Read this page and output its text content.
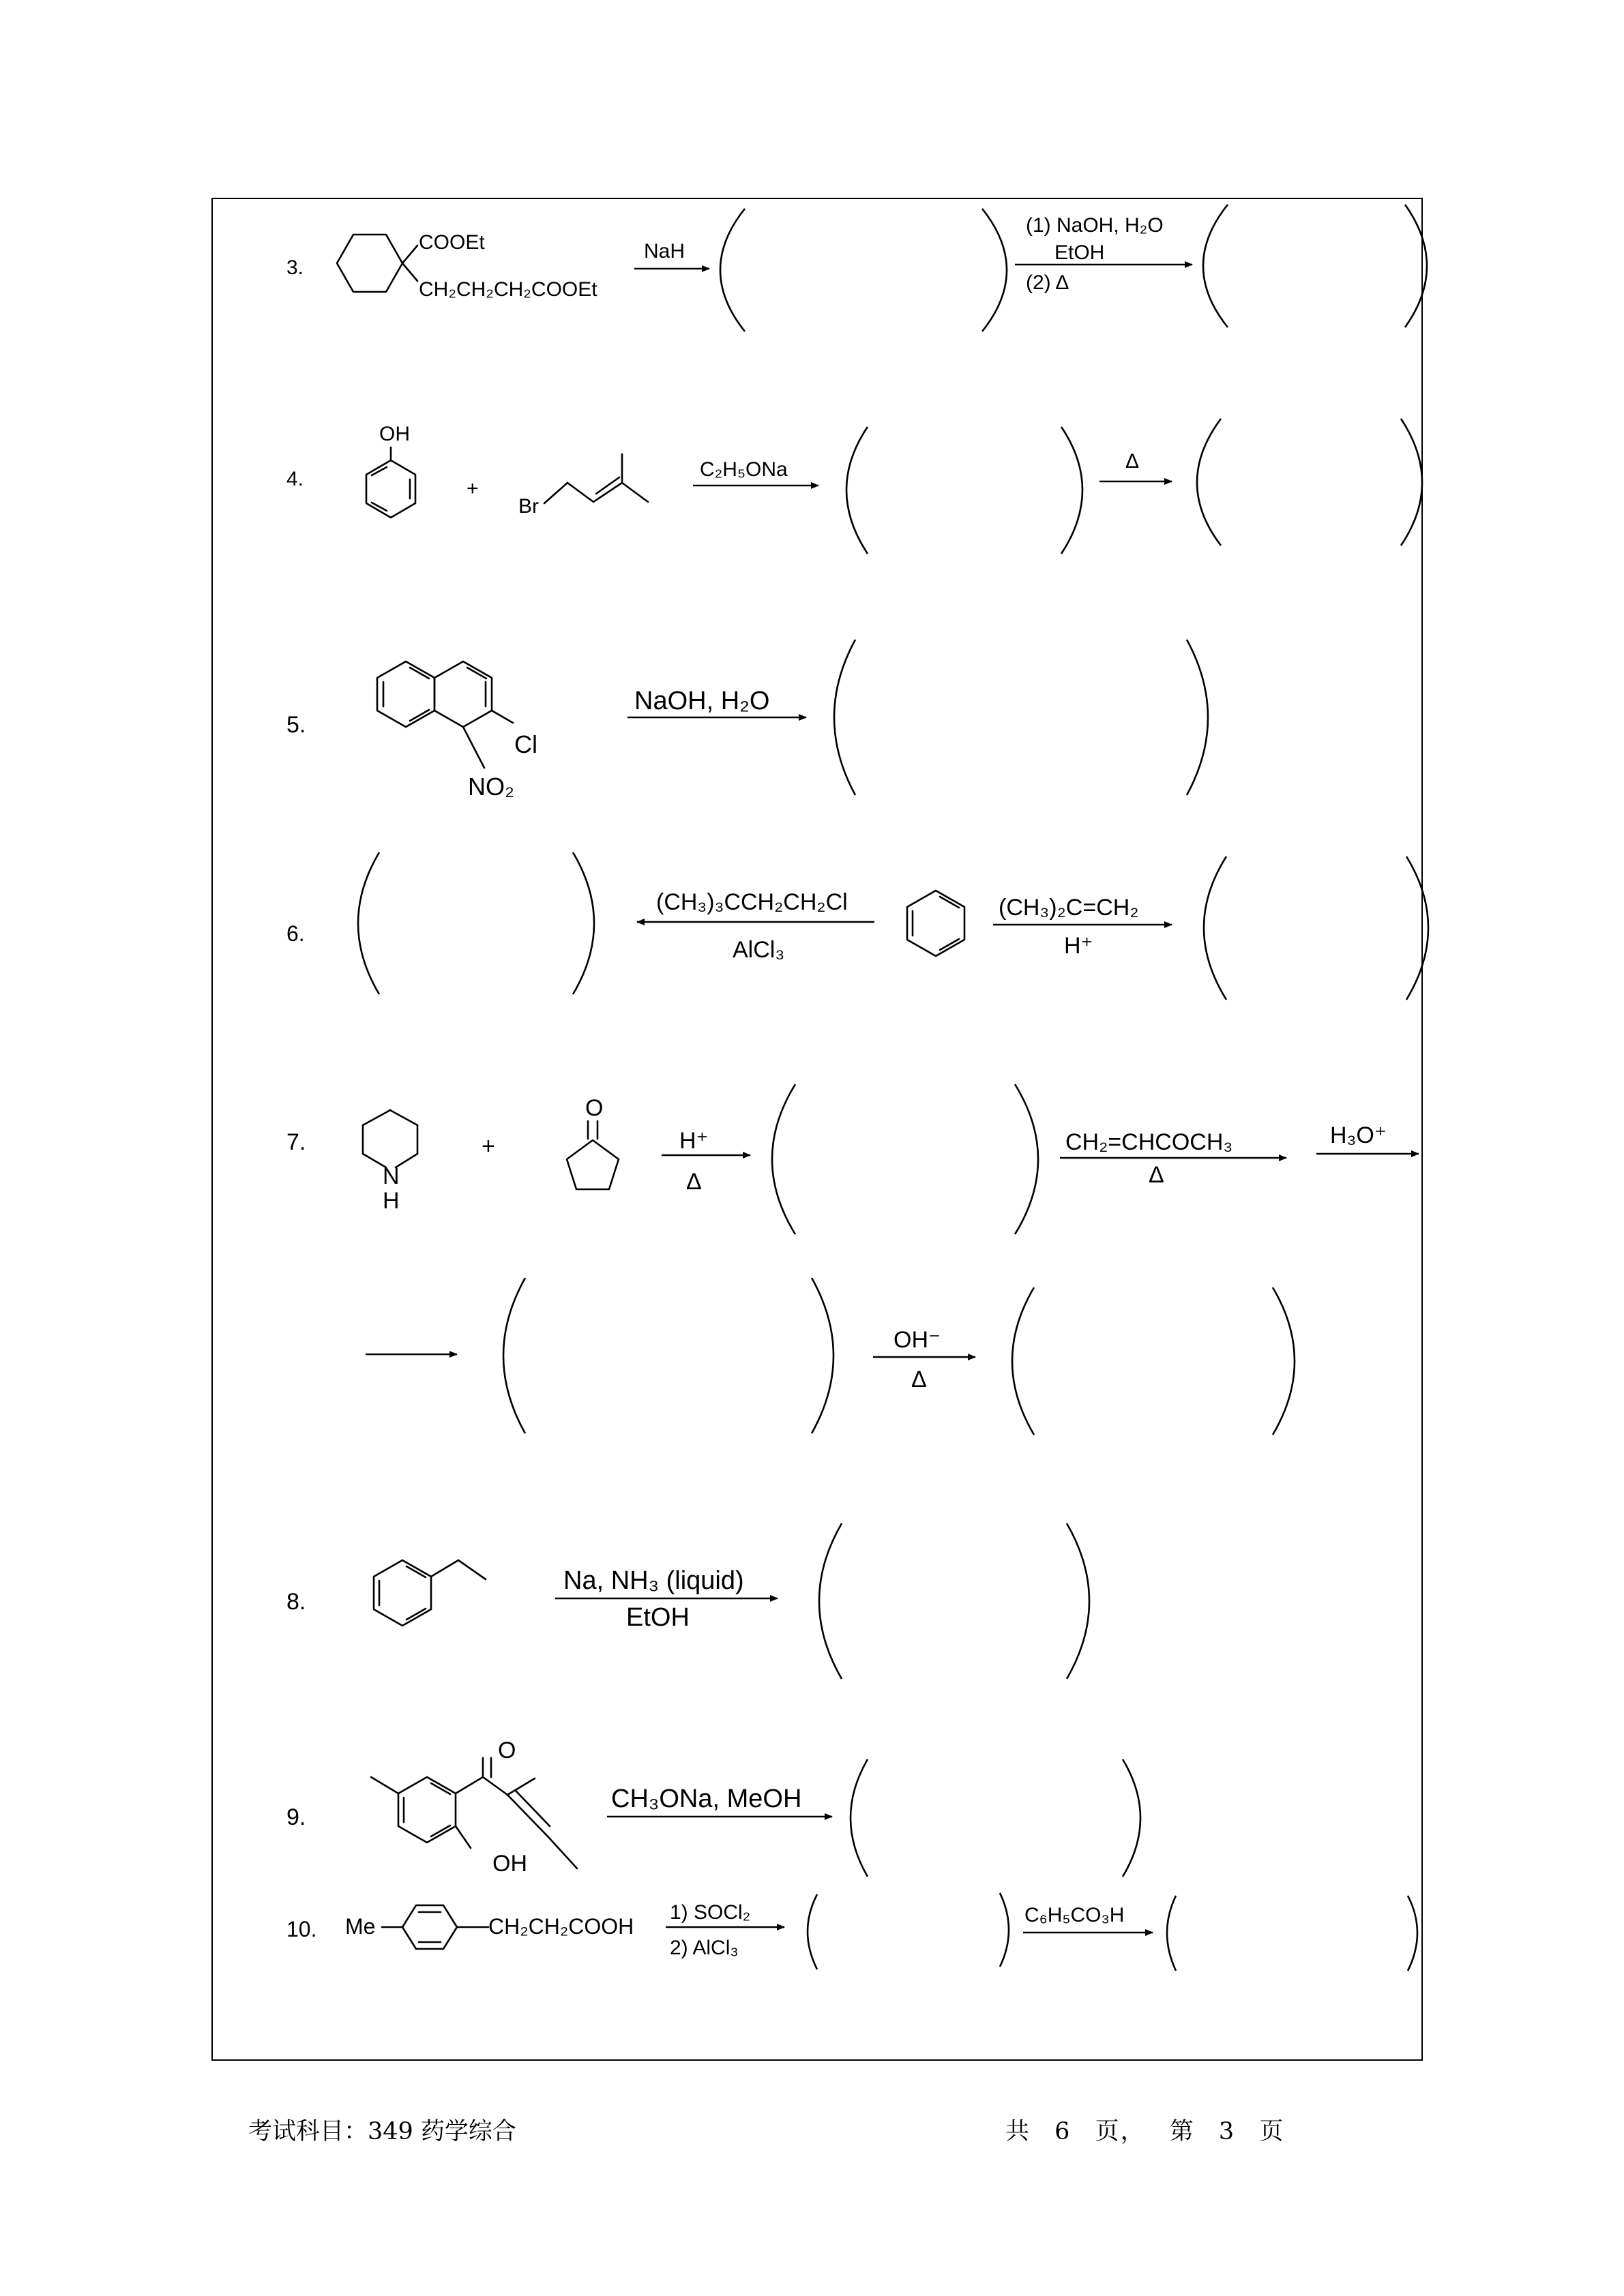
3.
COOEt
CH₂CH₂CH₂COOEt
NaH
(1) NaOH, H₂O
EtOH
(2) Δ
4.
OH
+
Br
C₂H₅ONa	Δ
5.
Cl
NO₂
NaOH, H₂O
6.
(CH₃)₃CCH₂CH₂Cl
AlCl₃
(CH₃)₂C=CH₂
H⁺
7.
N
H
+
O
H⁺
Δ
CH₂=CHCOCH₃
Δ
H₃O⁺
OH⁻
Δ
8.
Na, NH₃ (liquid)
EtOH
9.
O
OH
CH₃ONa, MeOH
10. Me	CH₂CH₂COOH
1) SOCl₂
2) AlCl₃
C₆H₅CO₃H
考试科目：349 药学综合	共 6 页， 第 3 页
